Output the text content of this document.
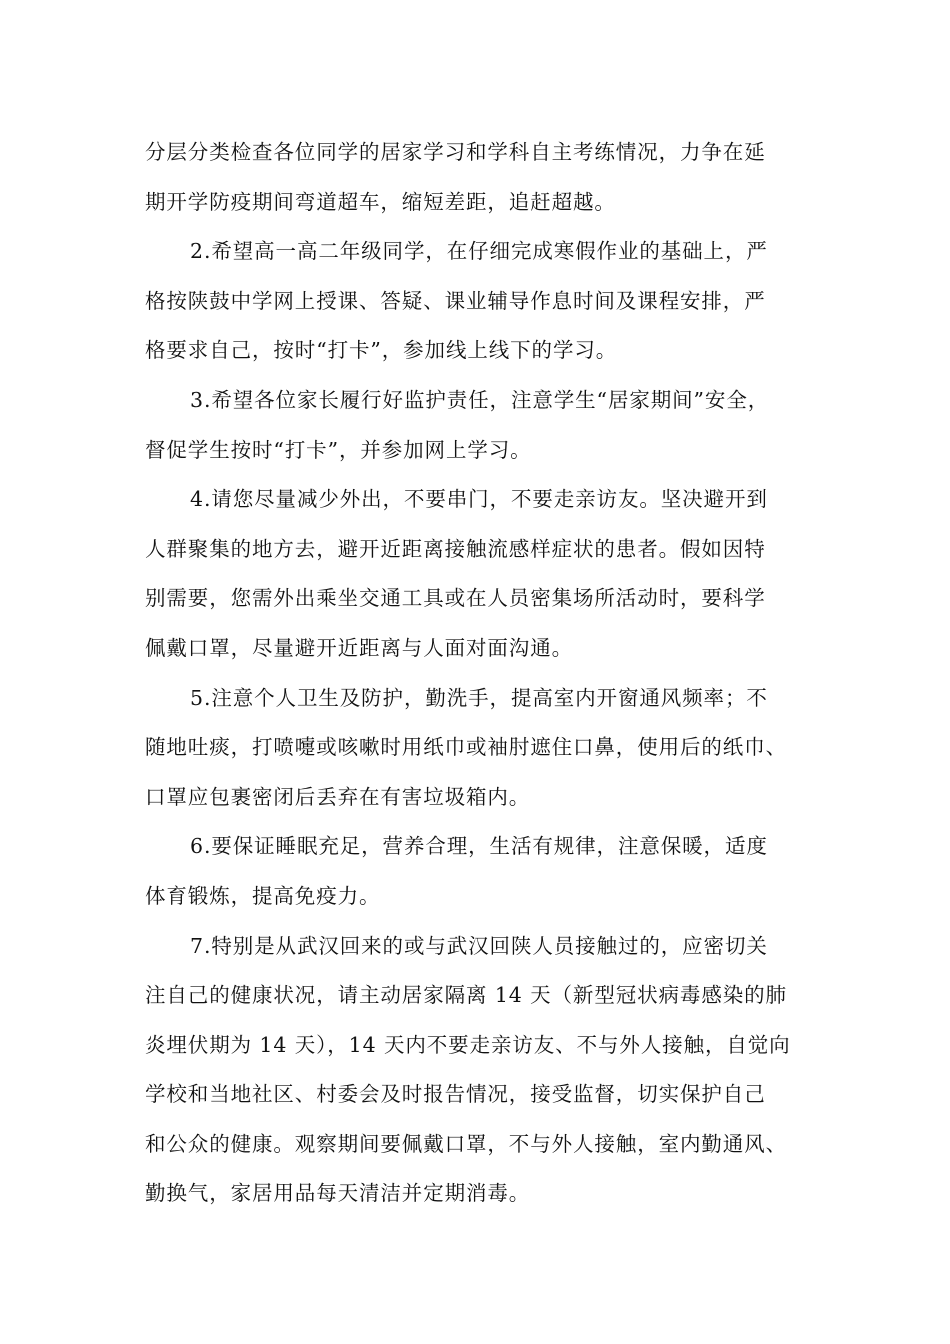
分层分类检查各位同学的居家学习和学科自主考练情况，力争在延
期开学防疫期间弯道超车，缩短差距，追赶超越。
2.希望高一高二年级同学，在仔细完成寒假作业的基础上，严
格按陕鼓中学网上授课、答疑、课业辅导作息时间及课程安排，严
格要求自己，按时“打卡”，参加线上线下的学习。
3.希望各位家长履行好监护责任，注意学生“居家期间”安全，
督促学生按时“打卡”，并参加网上学习。
4.请您尽量减少外出，不要串门，不要走亲访友。坚决避开到
人群聚集的地方去，避开近距离接触流感样症状的患者。假如因特
别需要，您需外出乘坐交通工具或在人员密集场所活动时，要科学
佩戴口罩，尽量避开近距离与人面对面沟通。
5.注意个人卫生及防护，勤洗手，提高室内开窗通风频率；不
随地吐痰，打喷嚏或咳嗽时用纸巾或袖肘遮住口鼻，使用后的纸巾、
口罩应包裹密闭后丢弃在有害垃圾箱内。
6.要保证睡眠充足，营养合理，生活有规律，注意保暖，适度
体育锻炼，提高免疫力。
7.特别是从武汉回来的或与武汉回陕人员接触过的，应密切关
注自己的健康状况，请主动居家隔离 14 天（新型冠状病毒感染的肺
炎埋伏期为 14 天），14 天内不要走亲访友、不与外人接触，自觉向
学校和当地社区、村委会及时报告情况，接受监督，切实保护自己
和公众的健康。观察期间要佩戴口罩，不与外人接触，室内勤通风、
勤换气，家居用品每天清洁并定期消毒。
